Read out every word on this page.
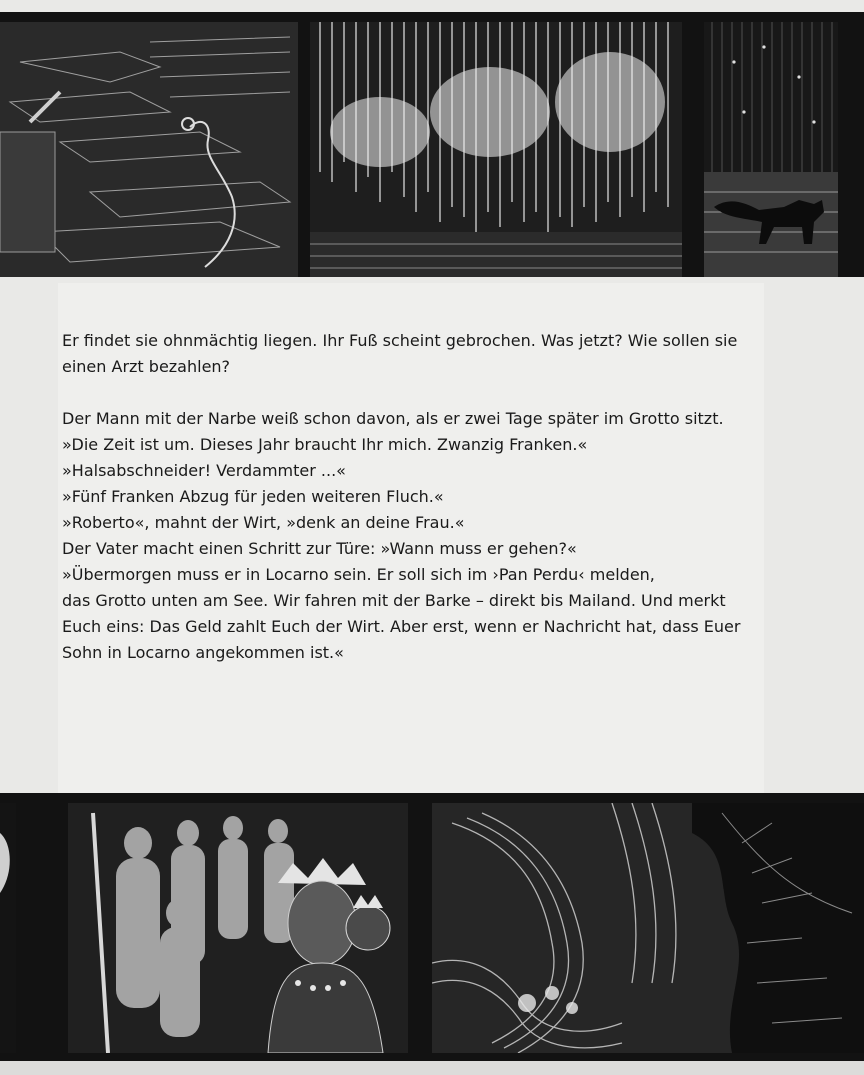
Er findet sie ohnmächtig liegen. Ihr Fuß scheint gebrochen. Was jetzt? Wie sollen sie

einen Arzt bezahlen?

Der Mann mit der Narbe weiß schon davon, als er zwei Tage später im Grotto sitzt.

»Die Zeit ist um. Dieses Jahr braucht Ihr mich. Zwanzig Franken.«

»Halsabschneider! Verdammter ...«

»Fünf Franken Abzug für jeden weiteren Fluch.«

»Roberto«, mahnt der Wirt, »denk an deine Frau.«

Der Vater macht einen Schritt zur Türe: »Wann muss er gehen?«

»Übermorgen muss er in Locarno sein. Er soll sich im ›Pan Perdu‹ melden,

das Grotto unten am See. Wir fahren mit der Barke – direkt bis Mailand. Und merkt

Euch eins: Das Geld zahlt Euch der Wirt. Aber erst, wenn er Nachricht hat, dass Euer

Sohn in Locarno angekommen ist.«
